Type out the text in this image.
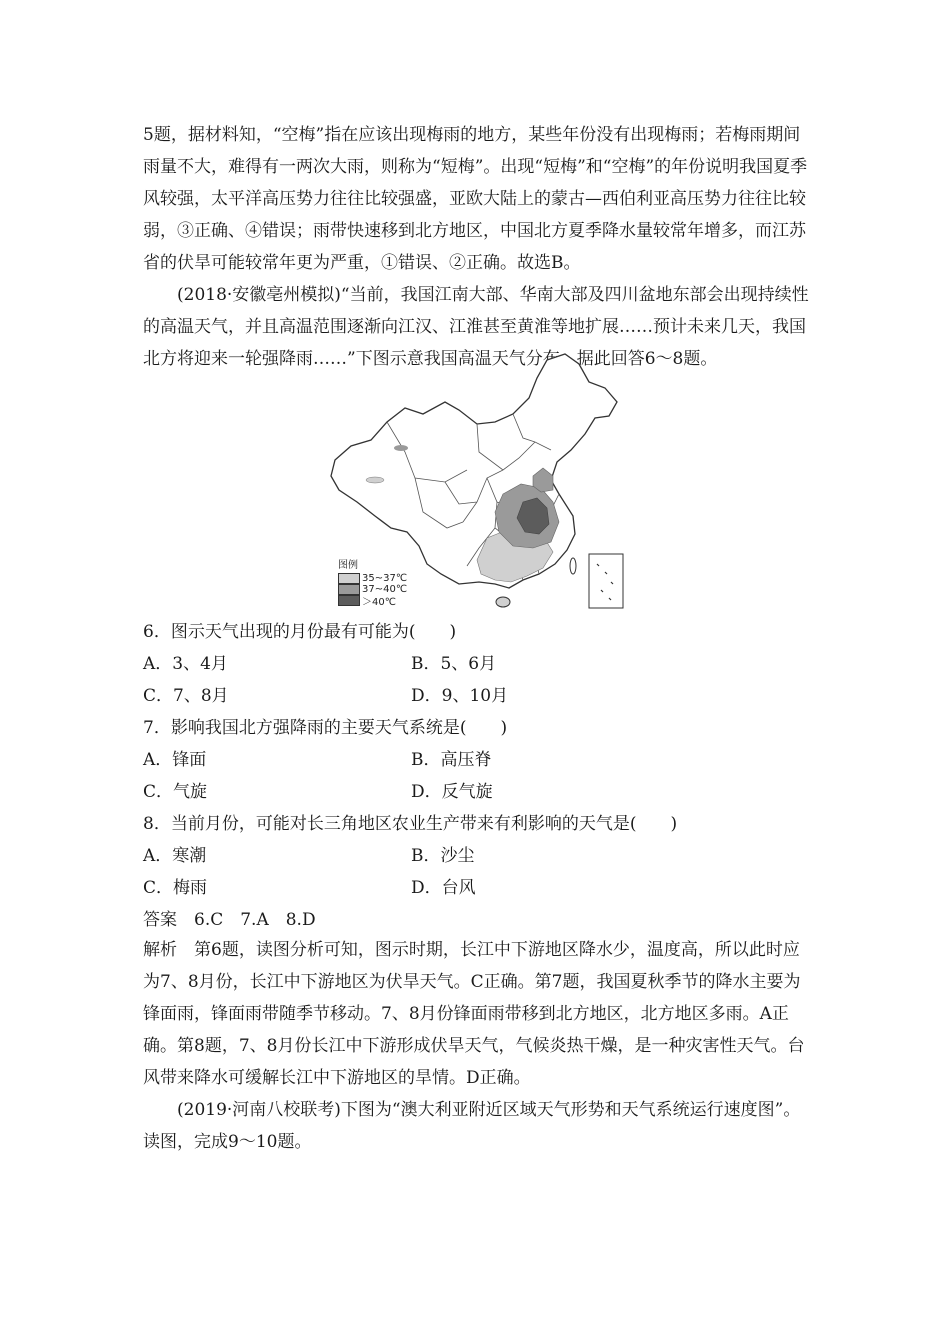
5题，据材料知，“空梅”指在应该出现梅雨的地方，某些年份没有出现梅雨；若梅雨期间雨量不大，难得有一两次大雨，则称为“短梅”。出现“短梅”和“空梅”的年份说明我国夏季风较强，太平洋高压势力往往比较强盛，亚欧大陆上的蒙古—西伯利亚高压势力往往比较弱，③正确、④错误；雨带快速移到北方地区，中国北方夏季降水量较常年增多，而江苏省的伏旱可能较常年更为严重，①错误、②正确。故选B。

(2018·安徽亳州模拟)“当前，我国江南大部、华南大部及四川盆地东部会出现持续性的高温天气，并且高温范围逐渐向江汉、江淮甚至黄淮等地扩展……预计未来几天，我国北方将迎来一轮强降雨……”下图示意我国高温天气分布。据此回答6～8题。

图例
35~37℃
37~40℃
＞40℃

6．图示天气出现的月份最有可能为(　　)

A．3、4月	B．5、6月
C．7、8月	D．9、10月

7．影响我国北方强降雨的主要天气系统是(　　)

A．锋面	B．高压脊
C．气旋	D．反气旋

8．当前月份，可能对长三角地区农业生产带来有利影响的天气是(　　)

A．寒潮	B．沙尘
C．梅雨	D．台风

答案　6.C　7.A　8.D

解析　第6题，读图分析可知，图示时期，长江中下游地区降水少，温度高，所以此时应为7、8月份，长江中下游地区为伏旱天气。C正确。第7题，我国夏秋季节的降水主要为锋面雨，锋面雨带随季节移动。7、8月份锋面雨带移到北方地区，北方地区多雨。A正确。第8题，7、8月份长江中下游形成伏旱天气，气候炎热干燥，是一种灾害性天气。台风带来降水可缓解长江中下游地区的旱情。D正确。

(2019·河南八校联考)下图为“澳大利亚附近区域天气形势和天气系统运行速度图”。读图，完成9～10题。
